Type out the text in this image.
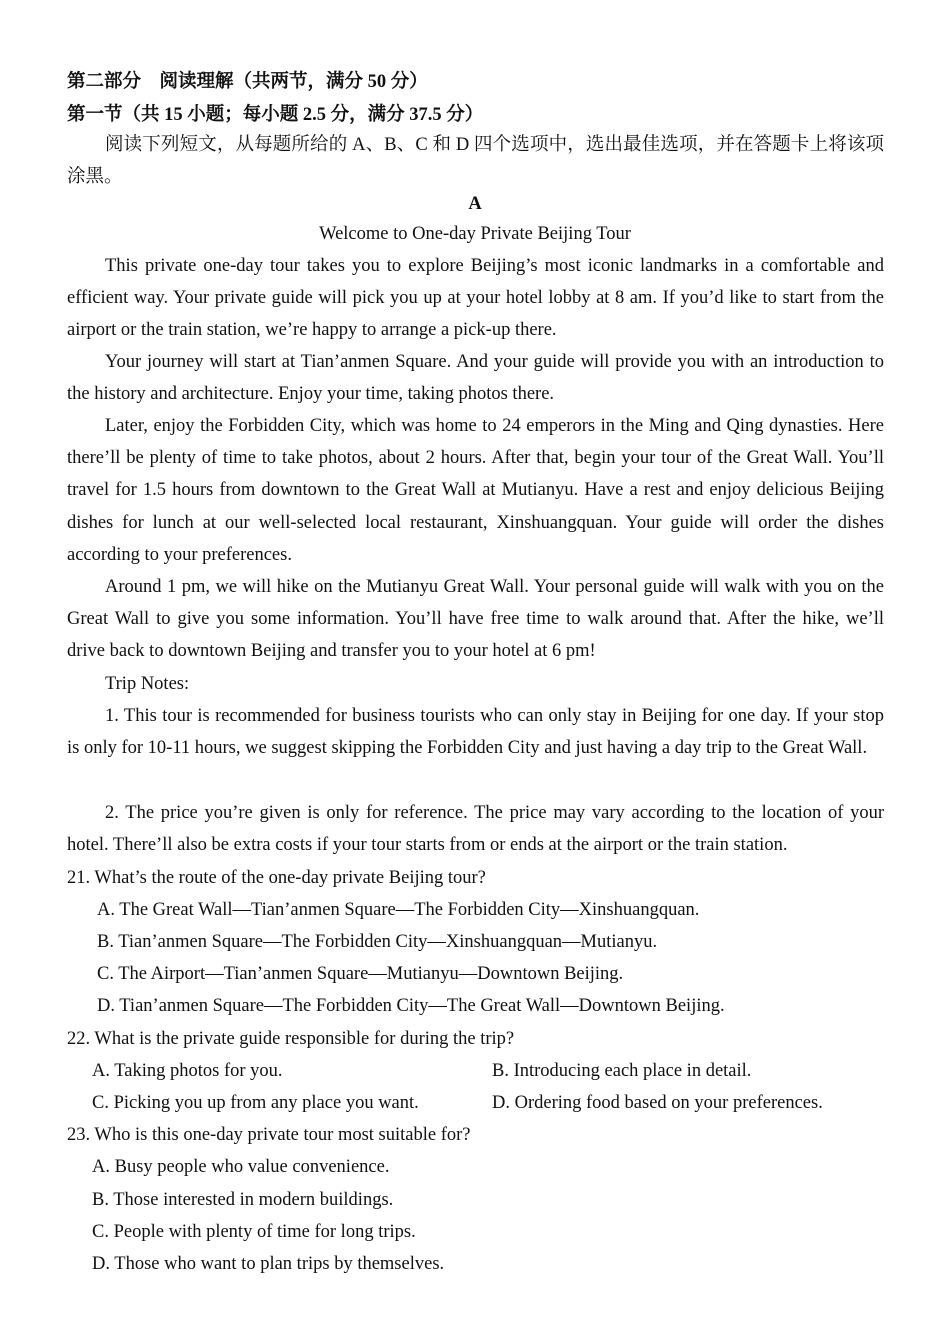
第二部分　阅读理解（共两节，满分 50 分）
第一节（共 15 小题；每小题 2.5 分，满分 37.5 分）

阅读下列短文，从每题所给的 A、B、C 和 D 四个选项中，选出最佳选项，并在答题卡上将该项涂黑。

A
Welcome to One-day Private Beijing Tour

This private one-day tour takes you to explore Beijing’s most iconic landmarks in a comfortable and efficient way. Your private guide will pick you up at your hotel lobby at 8 am. If you’d like to start from the airport or the train station, we’re happy to arrange a pick-up there.

Your journey will start at Tian’anmen Square. And your guide will provide you with an introduction to the history and architecture. Enjoy your time, taking photos there.

Later, enjoy the Forbidden City, which was home to 24 emperors in the Ming and Qing dynasties. Here there’ll be plenty of time to take photos, about 2 hours. After that, begin your tour of the Great Wall. You’ll travel for 1.5 hours from downtown to the Great Wall at Mutianyu. Have a rest and enjoy delicious Beijing dishes for lunch at our well-selected local restaurant, Xinshuangquan. Your guide will order the dishes according to your preferences.

Around 1 pm, we will hike on the Mutianyu Great Wall. Your personal guide will walk with you on the Great Wall to give you some information. You’ll have free time to walk around that. After the hike, we’ll drive back to downtown Beijing and transfer you to your hotel at 6 pm!

Trip Notes:

1. This tour is recommended for business tourists who can only stay in Beijing for one day. If your stop is only for 10-11 hours, we suggest skipping the Forbidden City and just having a day trip to the Great Wall.

2. The price you’re given is only for reference. The price may vary according to the location of your hotel. There’ll also be extra costs if your tour starts from or ends at the airport or the train station.

21. What’s the route of the one-day private Beijing tour?
A. The Great Wall—Tian’anmen Square—The Forbidden City—Xinshuangquan.
B. Tian’anmen Square—The Forbidden City—Xinshuangquan—Mutianyu.
C. The Airport—Tian’anmen Square—Mutianyu—Downtown Beijing.
D. Tian’anmen Square—The Forbidden City—The Great Wall—Downtown Beijing.
22. What is the private guide responsible for during the trip?
A. Taking photos for you.	B. Introducing each place in detail.
C. Picking you up from any place you want.	D. Ordering food based on your preferences.
23. Who is this one-day private tour most suitable for?
A. Busy people who value convenience.
B. Those interested in modern buildings.
C. People with plenty of time for long trips.
D. Those who want to plan trips by themselves.
